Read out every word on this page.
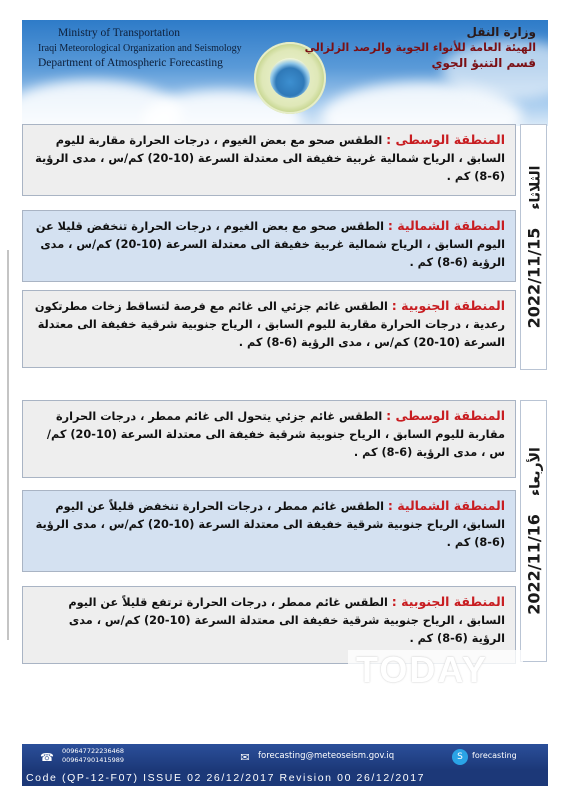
Ministry of Transportation
Iraqi Meteorological Organization and Seismology
Department of Atmospheric Forecasting
وزارة النقل
الهيئة العامة للأنواء الجوية والرصد الزلزالي
قسم التنبؤ الجوي
2022/11/15الثلاثاء
المنطقة الوسطى : الطقس صحو مع بعض الغيوم ، درجات الحرارة مقاربة لليوم السابق ، الرياح شمالية غربية خفيفة الى معتدلة السرعة (10-20) كم/س ، مدى الرؤية (6-8) كم .
المنطقة الشمالية : الطقس صحو مع بعض الغيوم ، درجات الحرارة تنخفض قليلا عن اليوم السابق ، الرياح شمالية غربية خفيفة الى معتدلة السرعة (10-20) كم/س ، مدى الرؤية (6-8) كم .
المنطقة الجنوبية : الطقس غائم جزئي الى غائم مع فرصة لتساقط زخات مطرتكون رعدية ، درجات الحرارة مقاربة لليوم السابق ، الرياح جنوبية شرقية خفيفة الى معتدلة السرعة (10-20) كم/س ، مدى الرؤية (6-8) كم .
2022/11/16الأربعاء
المنطقة الوسطى : الطقس غائم جزئي يتحول الى غائم ممطر ، درجات الحرارة مقاربة لليوم السابق ، الرياح جنوبية شرقية خفيفة الى معتدلة السرعة (10-20) كم/س ، مدى الرؤية (6-8) كم .
المنطقة الشمالية : الطقس غائم ممطر ، درجات الحرارة تنخفض قليلاً عن اليوم السابق، الرياح جنوبية شرقية خفيفة الى معتدلة السرعة (10-20) كم/س ، مدى الرؤية (6-8) كم .
المنطقة الجنوبية : الطقس غائم ممطر ، درجات الحرارة ترتفع قليلاً عن اليوم السابق ، الرياح جنوبية شرقية خفيفة الى معتدلة السرعة (10-20) كم/س ، مدى الرؤية (6-8) كم .
TODAY
☎	009647722236468
009647901415989	✉ forecasting@meteoseism.gov.iq	S	forecasting
Code (QP-12-F07) ISSUE 02 26/12/2017 Revision 00 26/12/2017
